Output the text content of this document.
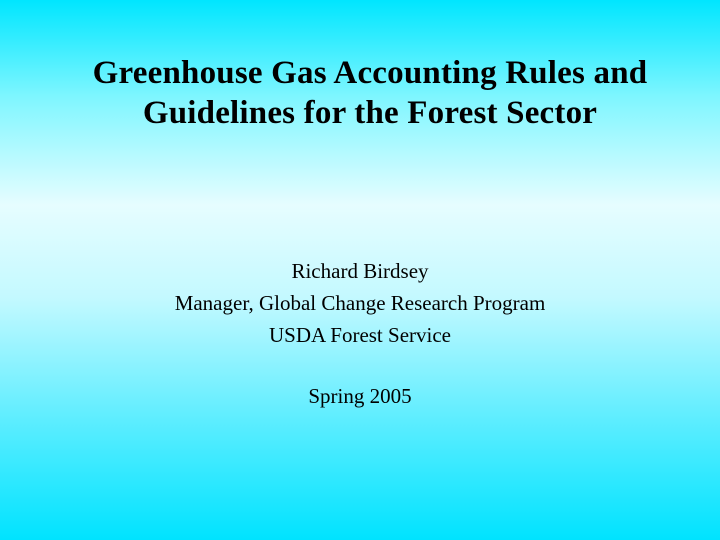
Greenhouse Gas Accounting Rules and
Guidelines for the Forest Sector
Richard Birdsey
Manager, Global Change Research Program
USDA Forest Service
Spring 2005
